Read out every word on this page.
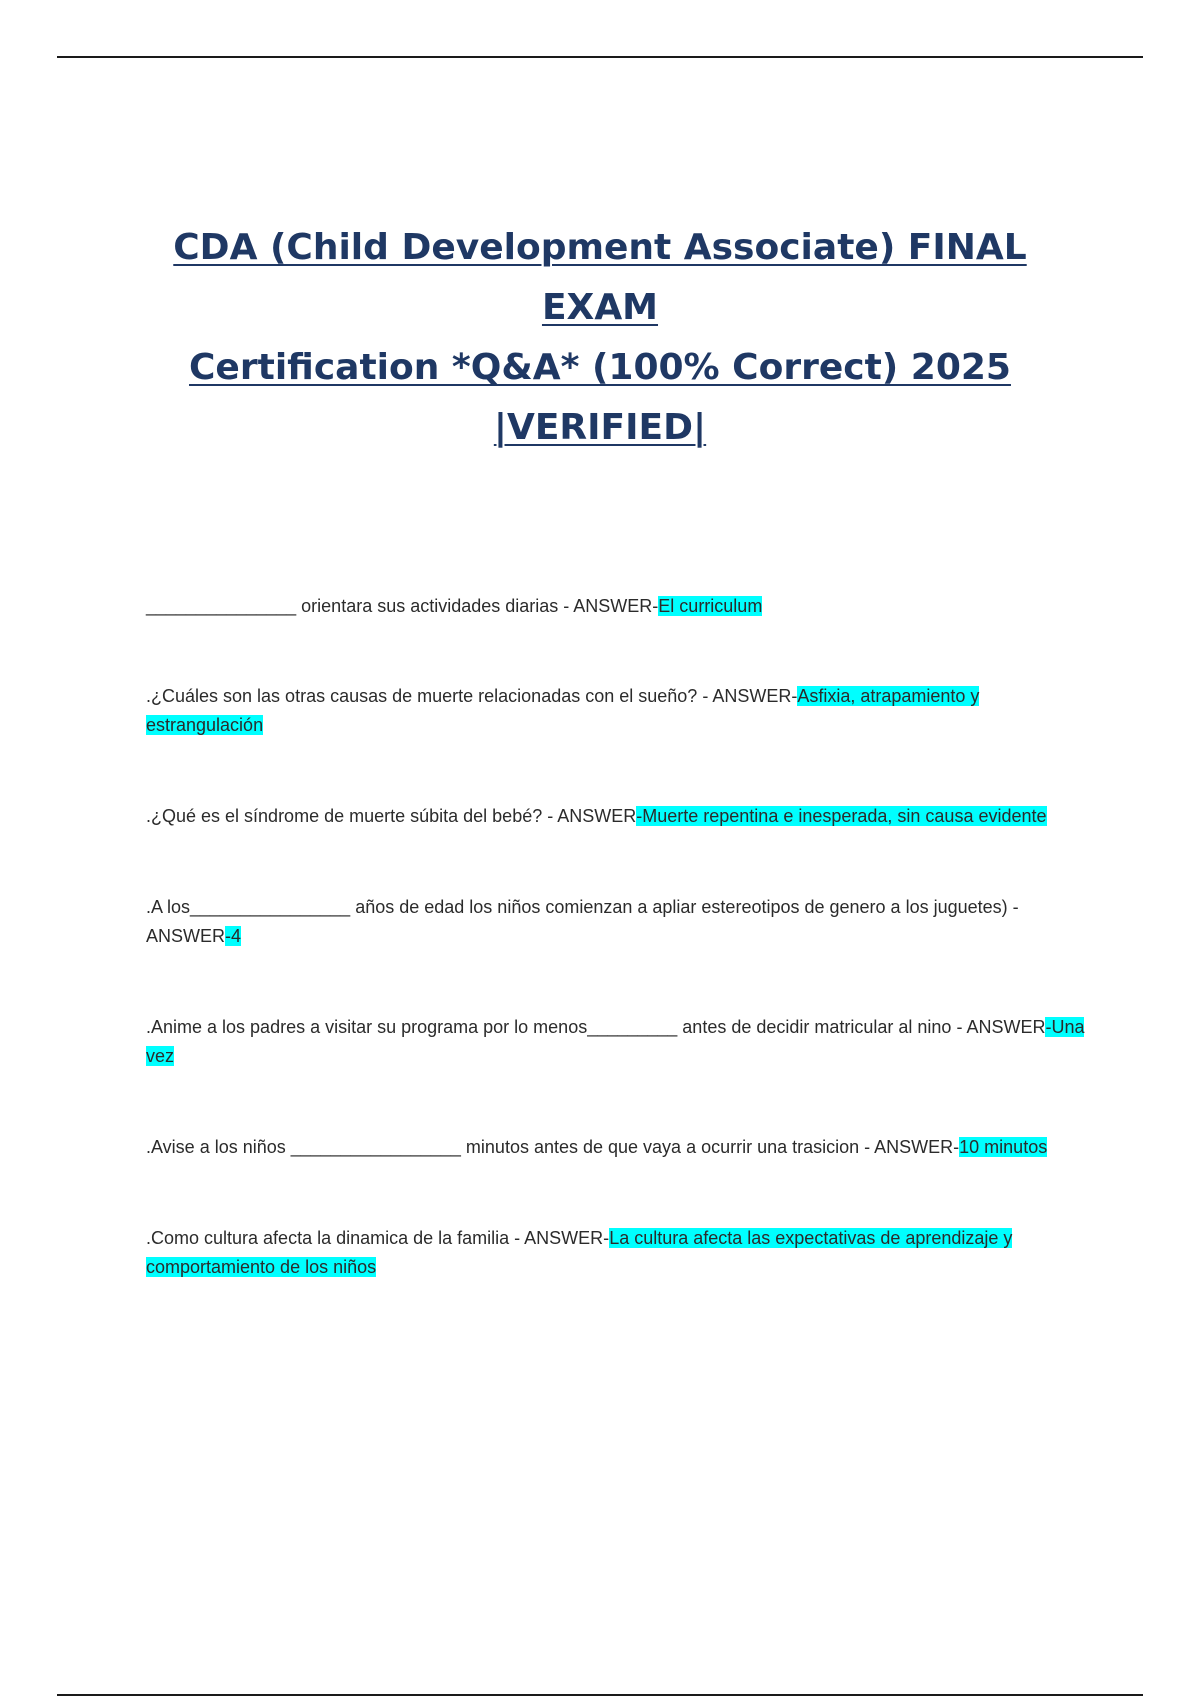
CDA (Child Development Associate) FINAL EXAM
Certification *Q&A* (100% Correct) 2025
|VERIFIED|

_______________ orientara sus actividades diarias - ANSWER-El curriculum

.¿Cuáles son las otras causas de muerte relacionadas con el sueño? - ANSWER-Asfixia, atrapamiento y estrangulación

.¿Qué es el síndrome de muerte súbita del bebé? - ANSWER-Muerte repentina e inesperada, sin causa evidente

.A los________________ años de edad los niños comienzan a apliar estereotipos de genero a los juguetes) - ANSWER-4

.Anime a los padres a visitar su programa por lo menos_________ antes de decidir matricular al nino - ANSWER-Una vez

.Avise a los niños _________________ minutos antes de que vaya a ocurrir una trasicion - ANSWER-10 minutos

.Como cultura afecta la dinamica de la familia - ANSWER-La cultura afecta las expectativas de aprendizaje y comportamiento de los niños
